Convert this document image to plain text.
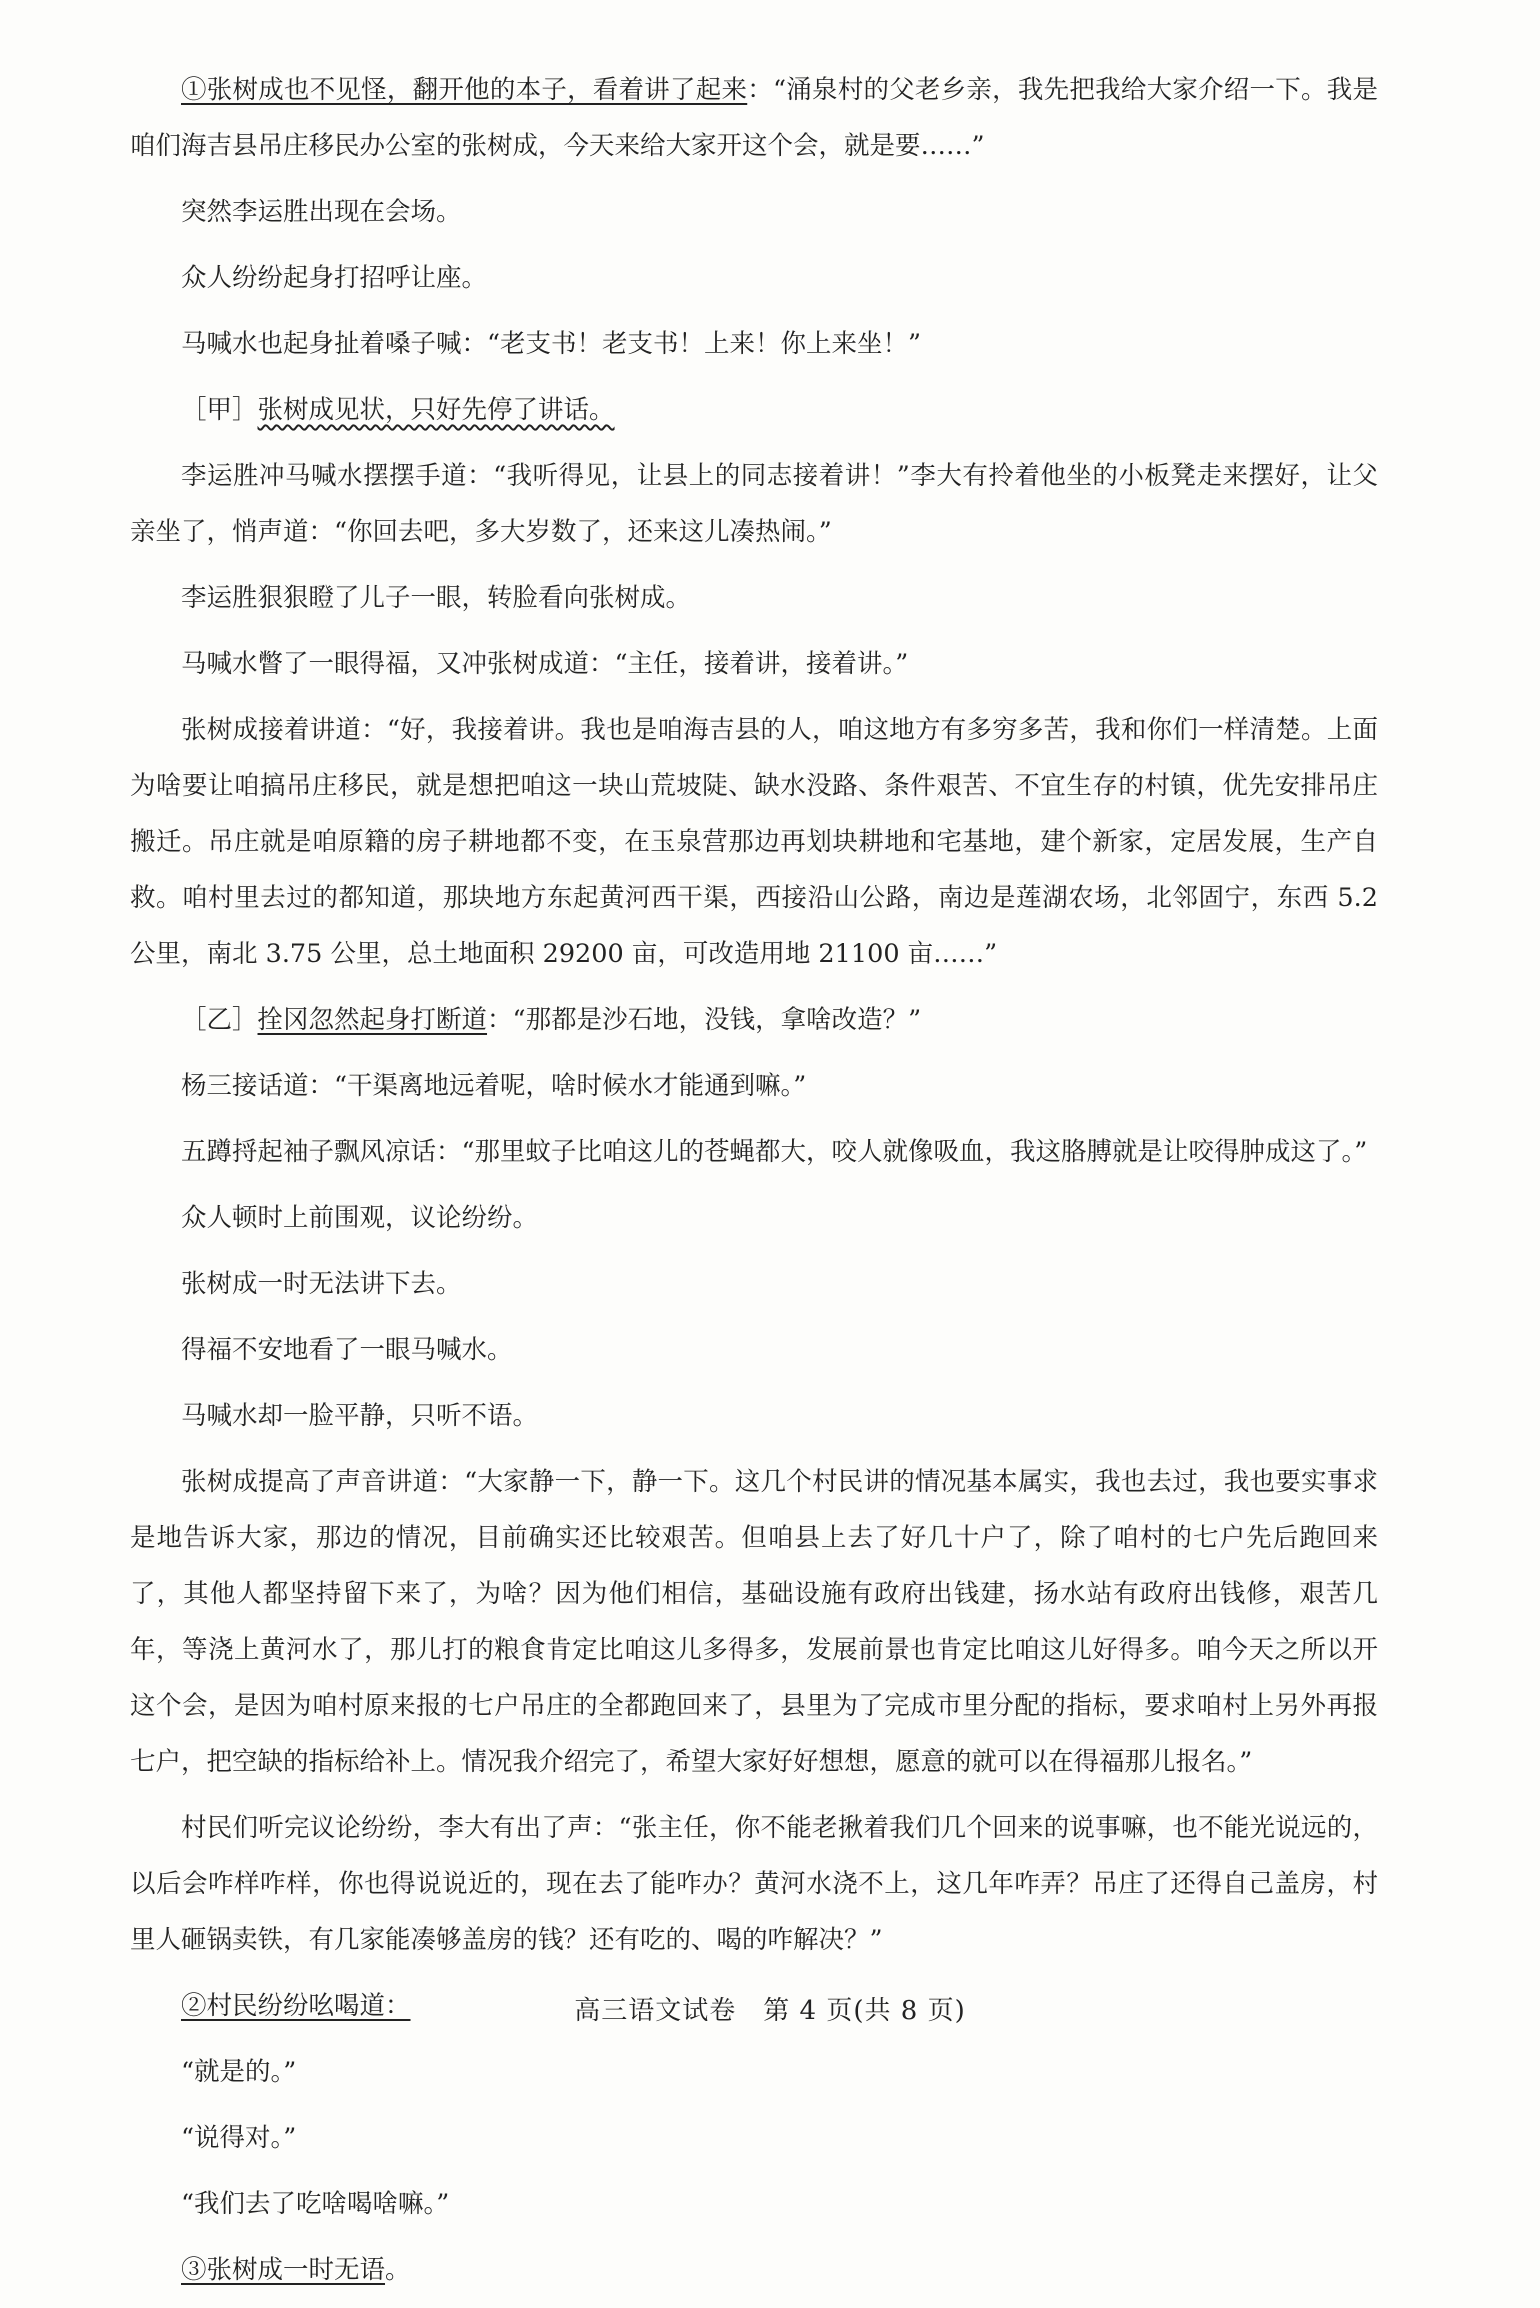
①张树成也不见怪，翻开他的本子，看着讲了起来：“涌泉村的父老乡亲，我先把我给大家介绍一下。我是咱们海吉县吊庄移民办公室的张树成，今天来给大家开这个会，就是要……”

突然李运胜出现在会场。

众人纷纷起身打招呼让座。

马喊水也起身扯着嗓子喊：“老支书！老支书！上来！你上来坐！”

［甲］张树成见状，只好先停了讲话。

李运胜冲马喊水摆摆手道：“我听得见，让县上的同志接着讲！”李大有拎着他坐的小板凳走来摆好，让父亲坐了，悄声道：“你回去吧，多大岁数了，还来这儿凑热闹。”

李运胜狠狠瞪了儿子一眼，转脸看向张树成。

马喊水瞥了一眼得福，又冲张树成道：“主任，接着讲，接着讲。”

张树成接着讲道：“好，我接着讲。我也是咱海吉县的人，咱这地方有多穷多苦，我和你们一样清楚。上面为啥要让咱搞吊庄移民，就是想把咱这一块山荒坡陡、缺水没路、条件艰苦、不宜生存的村镇，优先安排吊庄搬迁。吊庄就是咱原籍的房子耕地都不变，在玉泉营那边再划块耕地和宅基地，建个新家，定居发展，生产自救。咱村里去过的都知道，那块地方东起黄河西干渠，西接沿山公路，南边是莲湖农场，北邻固宁，东西 5.2 公里，南北 3.75 公里，总土地面积 29200 亩，可改造用地 21100 亩……”

［乙］拴冈忽然起身打断道：“那都是沙石地，没钱，拿啥改造？”

杨三接话道：“干渠离地远着呢，啥时候水才能通到嘛。”

五蹲捋起袖子飘风凉话：“那里蚊子比咱这儿的苍蝇都大，咬人就像吸血，我这胳膊就是让咬得肿成这了。”

众人顿时上前围观，议论纷纷。

张树成一时无法讲下去。

得福不安地看了一眼马喊水。

马喊水却一脸平静，只听不语。

张树成提高了声音讲道：“大家静一下，静一下。这几个村民讲的情况基本属实，我也去过，我也要实事求是地告诉大家，那边的情况，目前确实还比较艰苦。但咱县上去了好几十户了，除了咱村的七户先后跑回来了，其他人都坚持留下来了，为啥？因为他们相信，基础设施有政府出钱建，扬水站有政府出钱修，艰苦几年，等浇上黄河水了，那儿打的粮食肯定比咱这儿多得多，发展前景也肯定比咱这儿好得多。咱今天之所以开这个会，是因为咱村原来报的七户吊庄的全都跑回来了，县里为了完成市里分配的指标，要求咱村上另外再报七户，把空缺的指标给补上。情况我介绍完了，希望大家好好想想，愿意的就可以在得福那儿报名。”

村民们听完议论纷纷，李大有出了声：“张主任，你不能老揪着我们几个回来的说事嘛，也不能光说远的，以后会咋样咋样，你也得说说近的，现在去了能咋办？黄河水浇不上，这几年咋弄？吊庄了还得自己盖房，村里人砸锅卖铁，有几家能凑够盖房的钱？还有吃的、喝的咋解决？”

②村民纷纷吆喝道：

“就是的。”

“说得对。”

“我们去了吃啥喝啥嘛。”

③张树成一时无语。

高三语文试卷　第 4 页(共 8 页)
